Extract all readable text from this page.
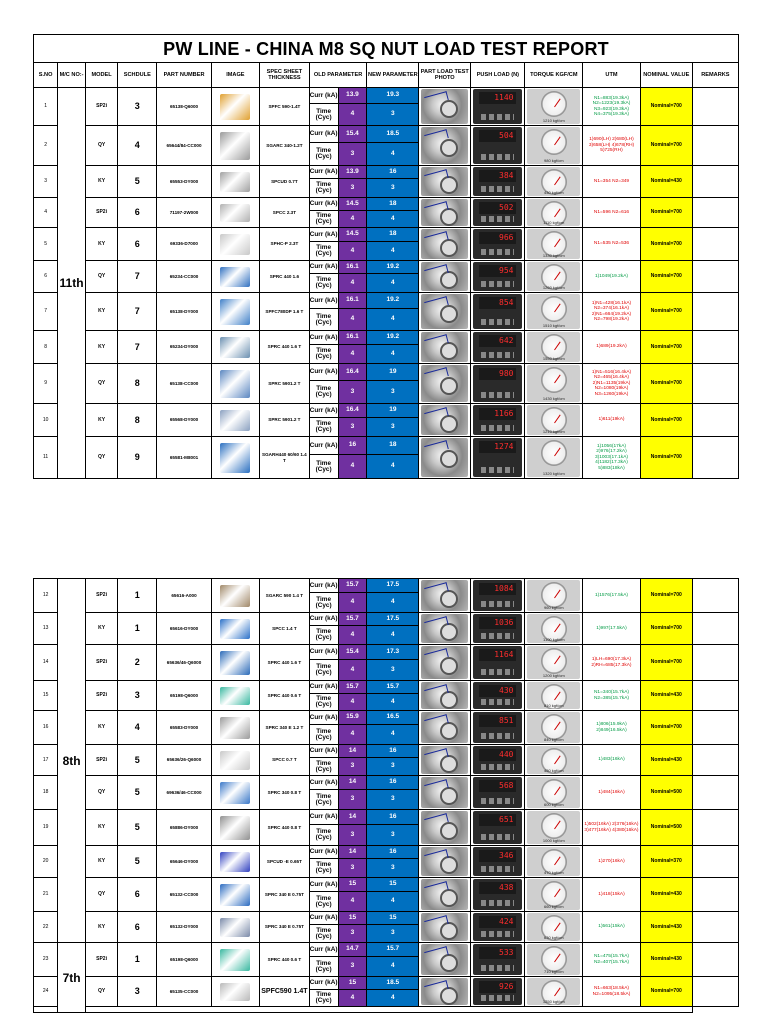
PW LINE - CHINA M8 SQ NUT LOAD TEST REPORT															
S.NO	M/C NO:-	MODEL	SCHDULE	PART NUMBER	IMAGE	SPEC SHEET THICKNESS	OLD PARAMETER		NEW PARAMETER	PART LOAD TEST PHOTO	PUSH LOAD (N)	TORQUE KGF/CM	UTM	NOMINAL VALUE	REMARKS
1	11th	SP2i	3	65138-Q6000		SPFC 590-1.4T	Curr (kA)	13.9	19.3		1140	1210 kgf/cm	N1=883(19.3kA) N2=1223(19.3kA) N3=923(19.3kA) N4=375(19.3kA)	Nominal=700	
							Time (Cyc)	4	3						
2		QY	4	65644/84-CC000		SGARC 340-1.2T	Curr (kA)	15.4	18.5		504	980 kgf/cm	1)690(LH) 2)680(LH) 3)658(LH) 4)678(RH) 5)725(RH)	Nominal=700	
							Time (Cyc)	3	4						
3		KY	5	65553-DY000		SPCUD 0.7T	Curr (kA)	13.9	16		384	430 kgf/cm	N1=354 N2=349	Nominal=430	
							Time (Cyc)	3	3						
4		SP2i	6	71197-2W000		SPCC 2.3T	Curr (kA)	14.5	18		502	1110 kgf/cm	N1=596 N2=616	Nominal=700	
							Time (Cyc)	4	4						
5		KY	6	69336-D7000		SPHC-P 2.3T	Curr (kA)	14.5	18		966	1330 kgf/cm	N1=535 N2=536	Nominal=700	
							Time (Cyc)	4	4						
6		QY	7	65234-CC000		SPRC 440 1.6	Curr (kA)	16.1	19.2		954	1260 kgf/cm	1)1049(19.2kA)	Nominal=700	
							Time (Cyc)	4	4						
7		KY	7	65138-DY000		SPFC780DP 1.6 T	Curr (kA)	16.1	19.2		854	1510 kgf/cm	1)N1=428(16.1kA) N2=374(16.1kA) 2)N1=664(19.2kA) N2=798(19.2kA)	Nominal=700	
							Time (Cyc)	4	4						
8		KY	7	65234-DY000		SPRC 440 1.6 T	Curr (kA)	16.1	19.2		642	1550 kgf/cm	1)689(19.2kA)	Nominal=700	
							Time (Cyc)	4	4						
9		QY	8	65138-CC000		SPRC 5901.2 T	Curr (kA)	16.4	19		980	1430 kgf/cm	1)N1=516(16.4kA) N2=465(16.4kA) 2)N1=1135(19kA) N2=1080(19kA) N3=1260(19kA)	Nominal=700	
							Time (Cyc)	3	3						
10		KY	8	65568-DY000		SPRC 5901.2 T	Curr (kA)	16.4	19		1166	1210 kgf/cm	1)611(19kA)	Nominal=700	
							Time (Cyc)	3	3						
11		QY	9	65581-M8001		SGARH440 60/60 1.4 T	Curr (kA)	16	18		1274	1320 kgf/cm	1)1056(17kA) 2)976(17.2kA) 3)1003(17.1kA) 4)1182(17.3kA) 5)883(18kA)	Nominal=700	
							Time (Cyc)	4	4						
12	8th	SP2i	1	65616-A000		SGARC 590 1.4 T	Curr (kA)	15.7	17.5		1084	960 kgf/cm	1)1576(17.5kA)	Nominal=700	
							Time (Cyc)	4	4						
13		KY	1	65616-DY000		SPCC 1.4 T	Curr (kA)	15.7	17.5		1036	1100 kgf/cm	1)997(17.5kA)	Nominal=700	
							Time (Cyc)	4	4						
14		SP2i	2	65636/46-Q6000		SPRC 440 1.6 T	Curr (kA)	15.4	17.3		1164	1200 kgf/cm	1)LH=690(17.3kA) 2)RH=685(17.3kA)	Nominal=700	
							Time (Cyc)	4	3						
15		SP2i	3	65198-Q6000		SPRC 440 0.6 T	Curr (kA)	15.7	15.7		430	810 kgf/cm	N1=340(15.7kA) N2=385(15.7kA)	Nominal=430	
							Time (Cyc)	4	4						
16		KY	4	65583-DY000		SPRC 340 E 1.2 T	Curr (kA)	15.9	16.5		851	840 kgf/cm	1)806(15.9kA) 2)849(16.5kA)	Nominal=700	
							Time (Cyc)	4	4						
17		SP2i	5	65636/26-Q6000		SPCC 0.7 T	Curr (kA)	14	16		440	450 kgf/cm	1)483(16kA)	Nominal=430	
							Time (Cyc)	3	3						
18		QY	5	69636/46-CC000		SPRC 340 0.8 T	Curr (kA)	14	16		568	600 kgf/cm	1)484(16kA)	Nominal=500	
							Time (Cyc)	3	3						
19		KY	5	65886-DY000		SPRC 440 0.8 T	Curr (kA)	14	16		651	1000 kgf/cm	1)502(16kA) 2)376(16kA) 3)477(16kA) 4)380(16kA)	Nominal=500	
							Time (Cyc)	3	3						
20		KY	5	65646-DY000		SPCUD -E 0.65T	Curr (kA)	14	16		346	470 kgf/cm	1)270(16kA)	Nominal=370	
							Time (Cyc)	3	3						
21		QY	6	65132-CC000		SPRC 340 E 0.75T	Curr (kA)	15	15		438	660 kgf/cm	1)418(15kA)	Nominal=430	
							Time (Cyc)	4	4						
22		KY	6	65132-DY000		SPRC 340 E 0.75T	Curr (kA)	15	15		424	630 kgf/cm	1)561(15kA)	Nominal=430	
							Time (Cyc)	3	3						
23	7th	SP2i	1	65198-Q6000		SPRC 440 0.6 T	Curr (kA)	14.7	15.7		533	710 kgf/cm	N1=475(15.7kA) N2=407(15.7kA)	Nominal=430	
							Time (Cyc)	3	4						
24		QY	3	65135-CC000		SPFC590 1.4T	Curr (kA)	15	18.5		926	1250 kgf/cm	N1=663(18.5kA) N2=1095(18.5kA)	Nominal=700	
							Time (Cyc)	4	4						
